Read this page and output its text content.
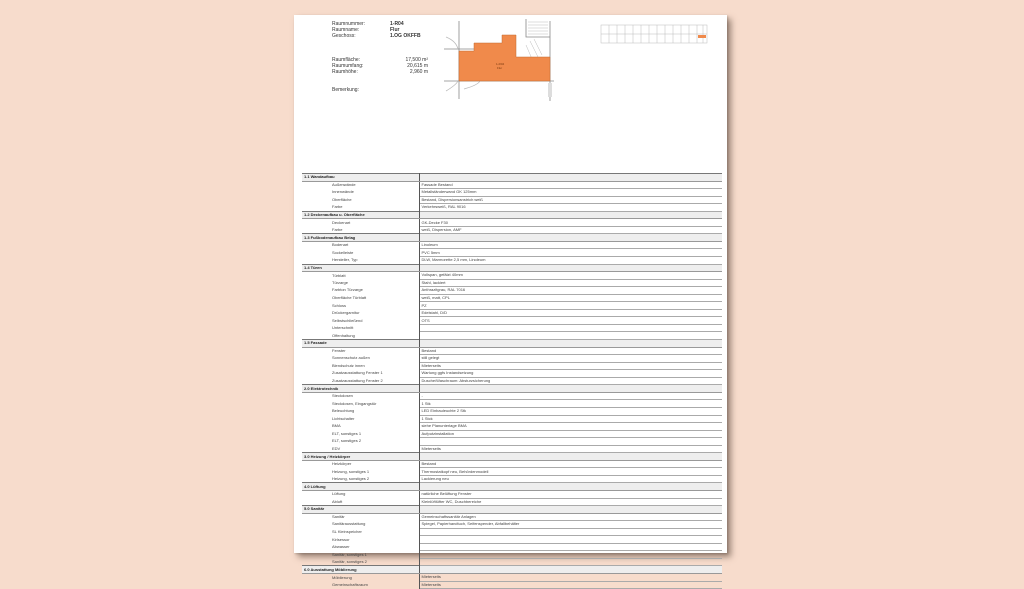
Raumnummer:	1-R04
Raumname:	Flur
Geschoss:	1.OG OKFFB
Raumfläche:	17,500 m²
Raumumfang:	20,615 m
Raumhöhe:	2,960 m
Bemerkung:
1-R04
Flur
1.1 Wandaufbau	
Außenwände	Fassade Bestand
Innenwände	Metallständerwand GK 125mm
Oberfläche	Bestand, Dispersionsanstrich weiß
Farbe	Verkehrsweiß, RAL 9016
1.2 Deckenaufbau u. Oberfläche	
Deckenart	GK-Decke F30
Farbe	weiß, Dispersion, AMF
1.3 Fußbodenaufbau Belag	
Bodenart	Linoleum
Sockelleiste	PVC 5mm
Hersteller, Typ	DLW, Marmorette 2,5 mm, Linoleum
1.4 Türen	
Türblatt	Vollspan, gefälzt 40mm
Türzarge	Stahl, lackiert
Farbton Türzarge	Anthrazitgrau, RAL 7016
Oberfläche Türblatt	weiß, matt, CPL
Schloss	PZ
Drückergarnitur	Edelstahl, D/D
Selbstschließend	OTS
Unterschnitt	
Offenhaltung	
1.5 Fassade	
Fenster	Bestand
Sonnenschutz außen	still gelegt
Blendschutz innen	Mieterseits
Zusatzausstattung Fenster 1	Wartung ggfs Instandsetzung
Zusatzausstattung Fenster 2	Dusche/Waschraum: Absturzsicherung
2.0 Elektrotechnik	
Steckdosen	-
Steckdosen, Eingangstür	1 Stk
Beleuchtung	LED Einbauleuchte 2 Stk
Lichtschalter	1 Stck
BMA	siehe Planunterlage BMA
ELT, sonstiges 1	Aufputzinstallation
ELT, sonstiges 2	
EDV	Mieterseits
3.0 Heizung / Heizkörper	
Heizkörper	Bestand
Heizung, sonstiges 1	Thermostatkopf neu, Behördenmodell
Heizung, sonstiges 2	Lackierung neu
4.0 Lüftung	
Lüftung	natürliche Belüftung Fenster
Abluft	Kleinlüftlüfter WC, Duschbereiche
5.0 Sanitär	
Sanitär	Gemeinschaftssanitär Anlagen
Sanitärausstattung	Spiegel, Papierhandtuch, Seifenspender, Abfallbehälter
SL Kleinspeicher	
Kirlsessor	
Abwasser	
Sanitär, sonstiges 1	
Sanitär, sonstiges 2	
6.0 Ausstattung Möblierung	
Möblierung	Mieterseits
Gemeinschaftsraum	Mieterseits
